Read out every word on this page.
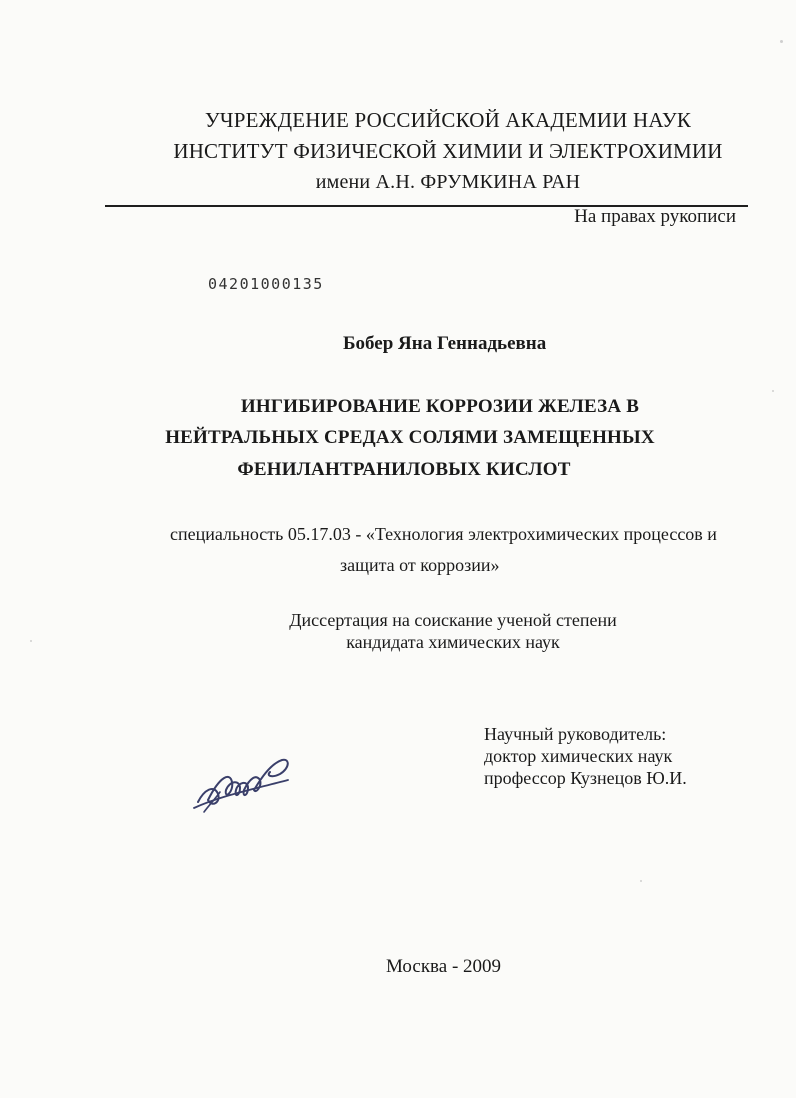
УЧРЕЖДЕНИЕ РОССИЙСКОЙ АКАДЕМИИ НАУК
ИНСТИТУТ ФИЗИЧЕСКОЙ ХИМИИ И ЭЛЕКТРОХИМИИ
имени А.Н. ФРУМКИНА РАН
На правах рукописи
04201000135
Бобер Яна Геннадьевна
ИНГИБИРОВАНИЕ КОРРОЗИИ ЖЕЛЕЗА В
НЕЙТРАЛЬНЫХ СРЕДАХ СОЛЯМИ ЗАМЕЩЕННЫХ
ФЕНИЛАНТРАНИЛОВЫХ КИСЛОТ
специальность 05.17.03 - «Технология электрохимических процессов и
защита от коррозии»
Диссертация на соискание ученой степени
кандидата химических наук
Научный руководитель:
доктор химических наук
профессор Кузнецов Ю.И.
Москва - 2009
